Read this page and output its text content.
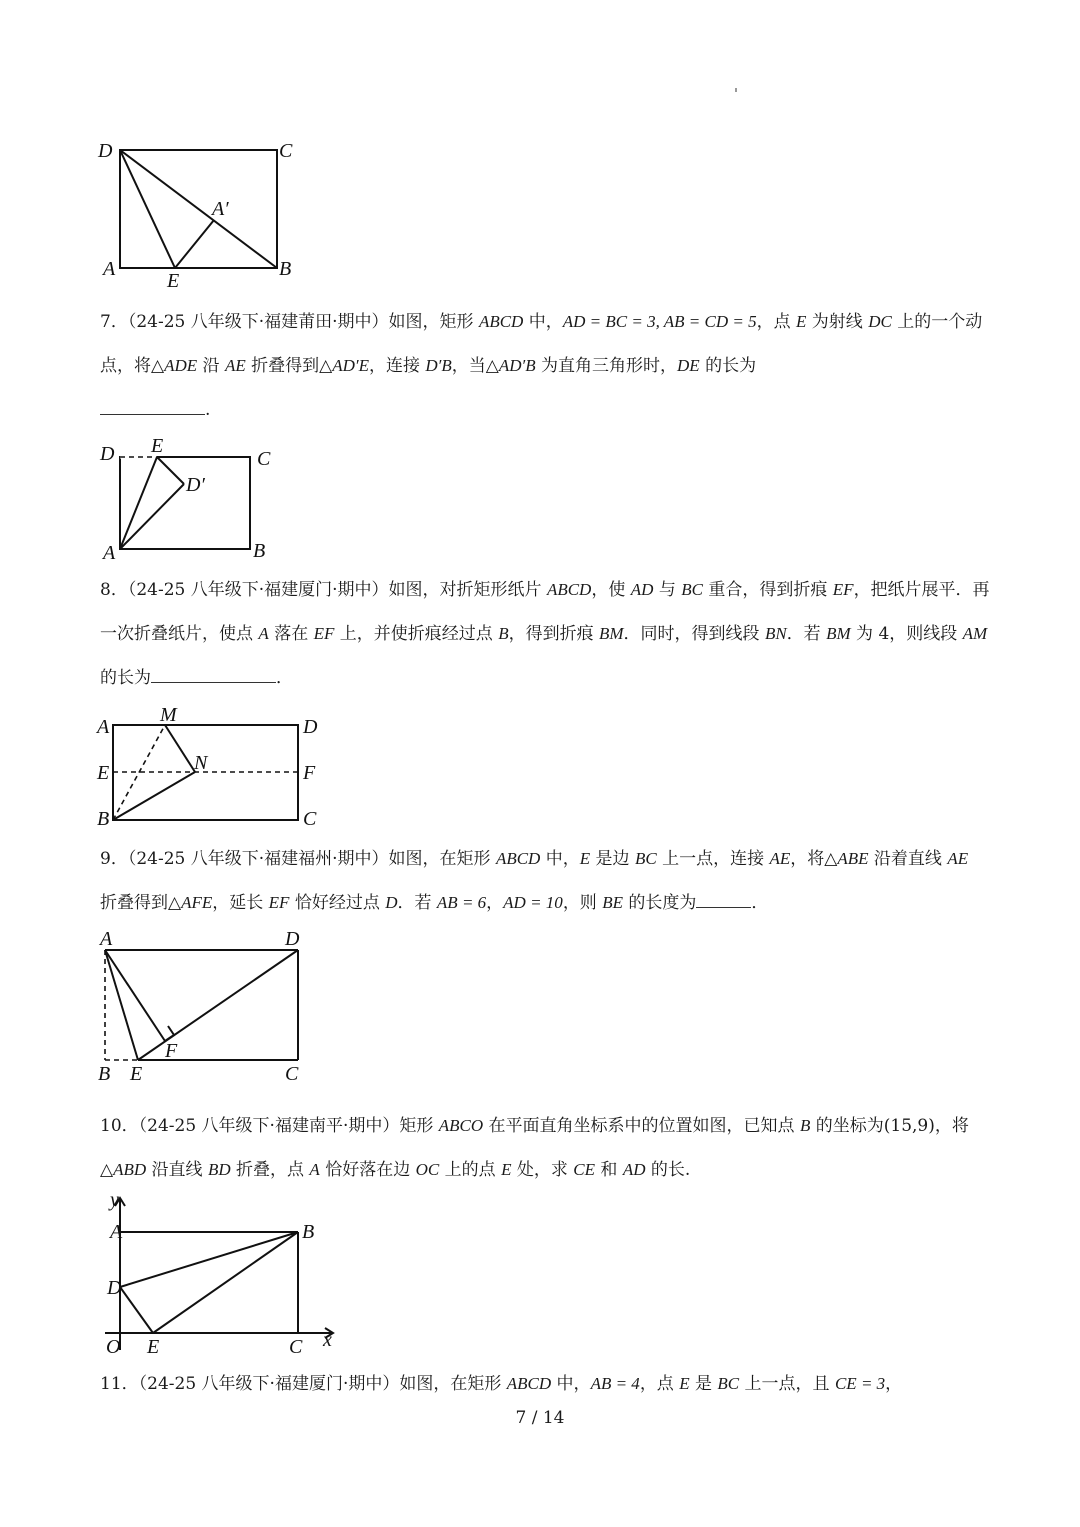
D	C
A′
A
E
B

7．（24-25 八年级下·福建莆田·期中）如图，矩形 ABCD 中，AD = BC = 3, AB = CD = 5，点 E 为射线 DC 上的一个动点，将△ADE 沿 AE 折叠得到△AD′E，连接 D′B，当△AD′B 为直角三角形时，DE 的长为
.

D E
C
D′
A	B

8．（24-25 八年级下·福建厦门·期中）如图，对折矩形纸片 ABCD，使 AD 与 BC 重合，得到折痕 EF，把纸片展平．再一次折叠纸片，使点 A 落在 EF 上，并使折痕经过点 B，得到折痕 BM．同时，得到线段 BN．若 BM 为 4，则线段 AM 的长为	．

A
M
D
E	N	F
B	C

9．（24-25 八年级下·福建福州·期中）如图，在矩形 ABCD 中，E 是边 BC 上一点，连接 AE，将△ABE 沿着直线 AE 折叠得到△AFE，延长 EF 恰好经过点 D．若 AB = 6，AD = 10，则 BE 的长度为	．

A	D
F
B E	C

10．（24-25 八年级下·福建南平·期中）矩形 ABCO 在平面直角坐标系中的位置如图，已知点 B 的坐标为(15,9)，将△ABD 沿直线 BD 折叠，点 A 恰好落在边 OC 上的点 E 处，求 CE 和 AD 的长.

y
A	B
D
O E	C x

11．（24-25 八年级下·福建厦门·期中）如图，在矩形 ABCD 中，AB = 4，点 E 是 BC 上一点，且 CE = 3，

7 / 14
